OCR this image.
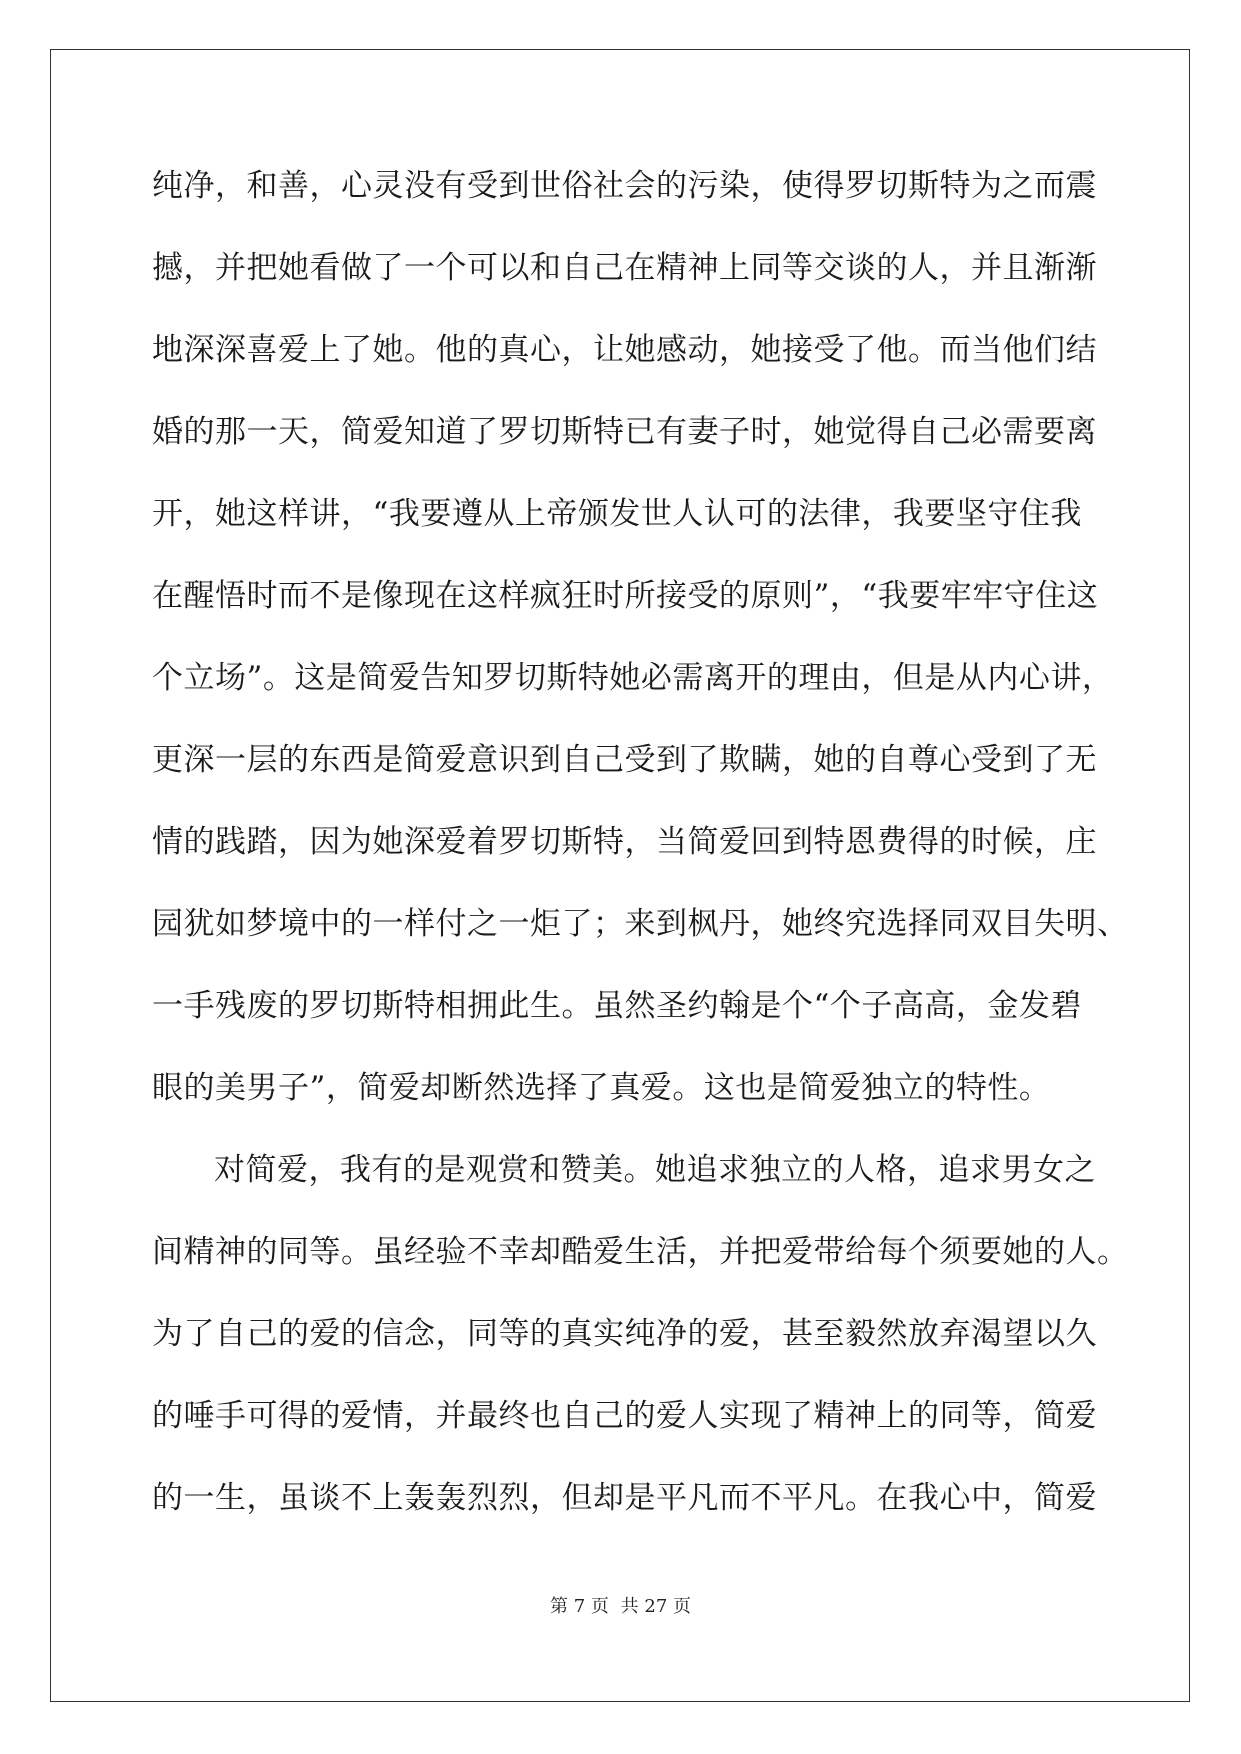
纯净，和善，心灵没有受到世俗社会的污染，使得罗切斯特为之而震
撼，并把她看做了一个可以和自己在精神上同等交谈的人，并且渐渐
地深深喜爱上了她。他的真心，让她感动，她接受了他。而当他们结
婚的那一天，简爱知道了罗切斯特已有妻子时，她觉得自己必需要离
开，她这样讲，“我要遵从上帝颁发世人认可的法律，我要坚守住我
在醒悟时而不是像现在这样疯狂时所接受的原则”，“我要牢牢守住这
个立场”。这是简爱告知罗切斯特她必需离开的理由，但是从内心讲，
更深一层的东西是简爱意识到自己受到了欺瞒，她的自尊心受到了无
情的践踏，因为她深爱着罗切斯特，当简爱回到特恩费得的时候，庄
园犹如梦境中的一样付之一炬了；来到枫丹，她终究选择同双目失明、
一手残废的罗切斯特相拥此生。虽然圣约翰是个“个子高高，金发碧
眼的美男子”，简爱却断然选择了真爱。这也是简爱独立的特性。
对简爱，我有的是观赏和赞美。她追求独立的人格，追求男女之
间精神的同等。虽经验不幸却酷爱生活，并把爱带给每个须要她的人。
为了自己的爱的信念，同等的真实纯净的爱，甚至毅然放弃渴望以久
的唾手可得的爱情，并最终也自己的爱人实现了精神上的同等，简爱
的一生，虽谈不上轰轰烈烈，但却是平凡而不平凡。在我心中，简爱
第 7 页 共 27 页
